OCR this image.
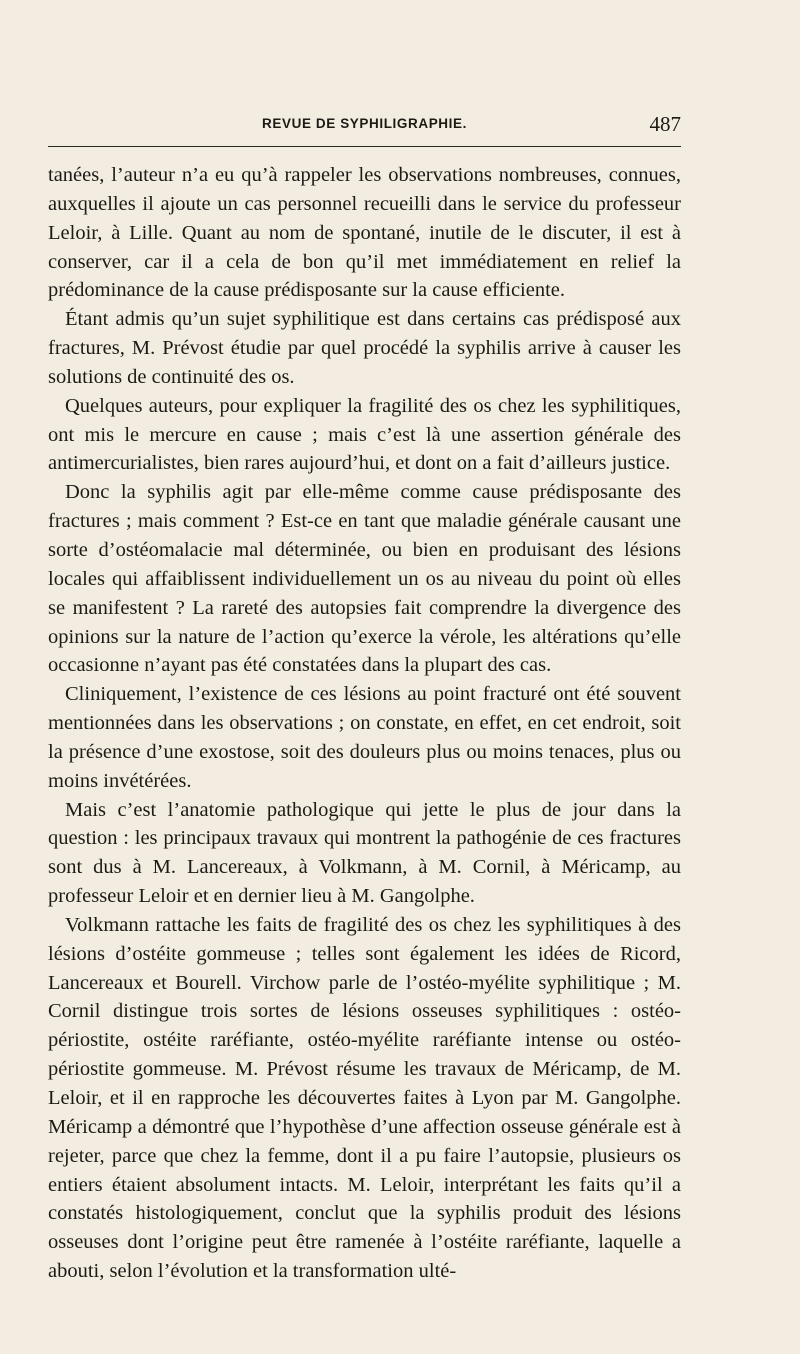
REVUE DE SYPHILIGRAPHIE.	487

tanées, l’auteur n’a eu qu’à rappeler les observations nombreuses, connues, auxquelles il ajoute un cas personnel recueilli dans le service du professeur Leloir, à Lille. Quant au nom de spontané, inutile de le discuter, il est à conserver, car il a cela de bon qu’il met immédiatement en relief la prédominance de la cause prédisposante sur la cause efficiente.

Étant admis qu’un sujet syphilitique est dans certains cas prédisposé aux fractures, M. Prévost étudie par quel procédé la syphilis arrive à causer les solutions de continuité des os.

Quelques auteurs, pour expliquer la fragilité des os chez les syphilitiques, ont mis le mercure en cause ; mais c’est là une assertion générale des antimercurialistes, bien rares aujourd’hui, et dont on a fait d’ailleurs justice.

Donc la syphilis agit par elle-même comme cause prédisposante des fractures ; mais comment ? Est-ce en tant que maladie générale causant une sorte d’ostéomalacie mal déterminée, ou bien en produisant des lésions locales qui affaiblissent individuellement un os au niveau du point où elles se manifestent ? La rareté des autopsies fait comprendre la divergence des opinions sur la nature de l’action qu’exerce la vérole, les altérations qu’elle occasionne n’ayant pas été constatées dans la plupart des cas.

Cliniquement, l’existence de ces lésions au point fracturé ont été souvent mentionnées dans les observations ; on constate, en effet, en cet endroit, soit la présence d’une exostose, soit des douleurs plus ou moins tenaces, plus ou moins invétérées.

Mais c’est l’anatomie pathologique qui jette le plus de jour dans la question : les principaux travaux qui montrent la pathogénie de ces fractures sont dus à M. Lancereaux, à Volkmann, à M. Cornil, à Méricamp, au professeur Leloir et en dernier lieu à M. Gangolphe.

Volkmann rattache les faits de fragilité des os chez les syphilitiques à des lésions d’ostéite gommeuse ; telles sont également les idées de Ricord, Lancereaux et Bourell. Virchow parle de l’ostéo-myélite syphilitique ; M. Cornil distingue trois sortes de lésions osseuses syphilitiques : ostéo-périostite, ostéite raréfiante, ostéo-myélite raréfiante intense ou ostéo-périostite gommeuse. M. Prévost résume les travaux de Méricamp, de M. Leloir, et il en rapproche les découvertes faites à Lyon par M. Gangolphe. Méricamp a démontré que l’hypothèse d’une affection osseuse générale est à rejeter, parce que chez la femme, dont il a pu faire l’autopsie, plusieurs os entiers étaient absolument intacts. M. Leloir, interprétant les faits qu’il a constatés histologiquement, conclut que la syphilis produit des lésions osseuses dont l’origine peut être ramenée à l’ostéite raréfiante, laquelle a abouti, selon l’évolution et la transformation ulté-
